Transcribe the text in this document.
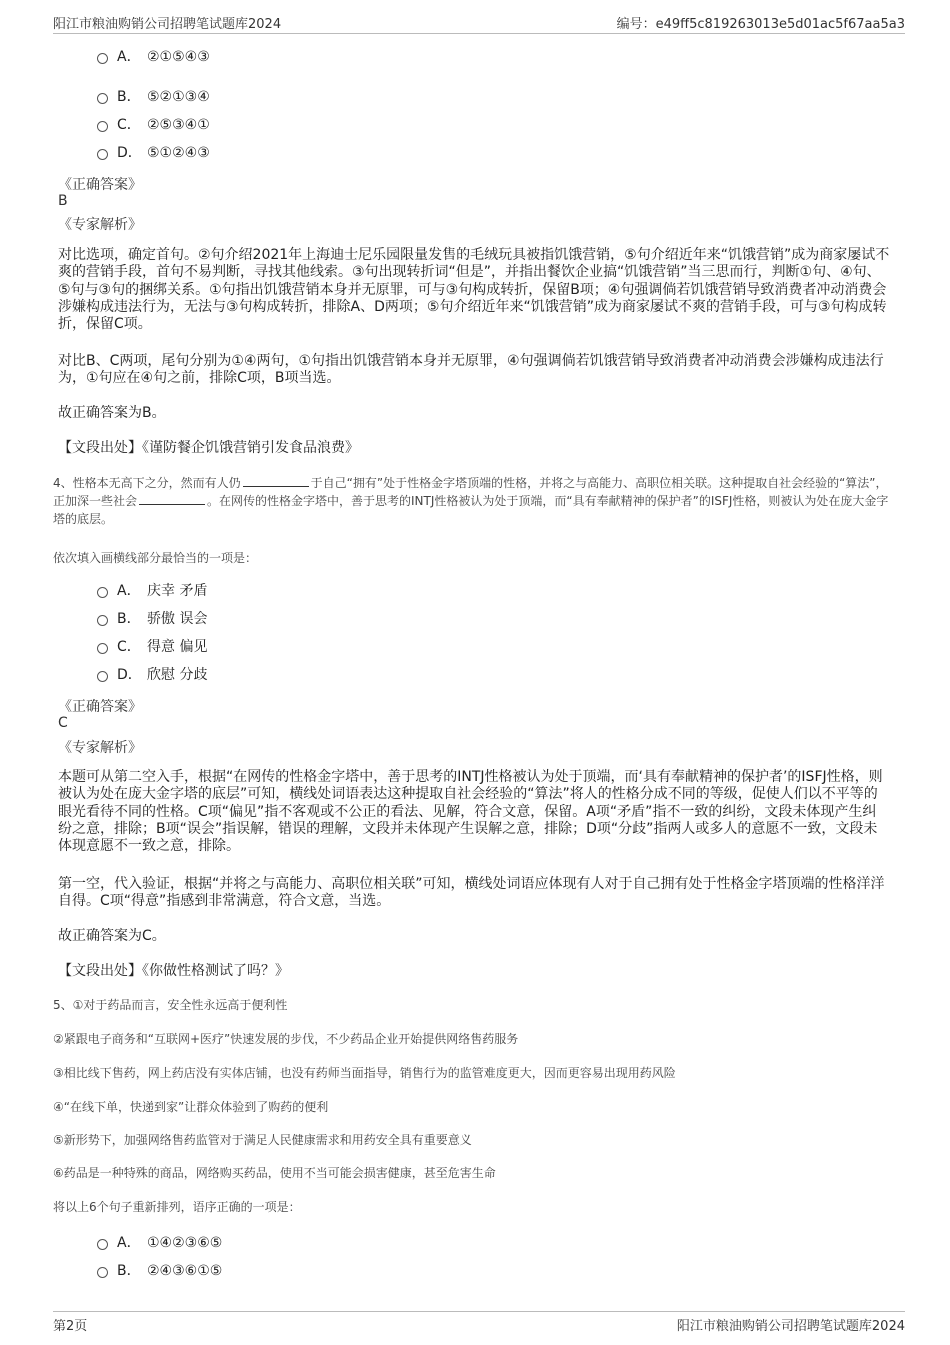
阳江市粮油购销公司招聘笔试题库2024	编号：e49ff5c819263013e5d01ac5f67aa5a3
A． ②①⑤④③
B． ⑤②①③④
C． ②⑤③④①
D． ⑤①②④③
《正确答案》
B
《专家解析》
对比选项，确定首句。②句介绍2021年上海迪士尼乐园限量发售的毛绒玩具被指饥饿营销，⑤句介绍近年来“饥饿营销”成为商家屡试不爽的营销手段，首句不易判断，寻找其他线索。③句出现转折词“但是”，并指出餐饮企业搞“饥饿营销”当三思而行，判断①句、④句、⑤句与③句的捆绑关系。①句指出饥饿营销本身并无原罪，可与③句构成转折，保留B项；④句强调倘若饥饿营销导致消费者冲动消费会涉嫌构成违法行为，无法与③句构成转折，排除A、D两项；⑤句介绍近年来“饥饿营销”成为商家屡试不爽的营销手段，可与③句构成转折，保留C项。
对比B、C两项，尾句分别为①④两句，①句指出饥饿营销本身并无原罪，④句强调倘若饥饿营销导致消费者冲动消费会涉嫌构成违法行为，①句应在④句之前，排除C项，B项当选。
故正确答案为B。
【文段出处】《谨防餐企饥饿营销引发食品浪费》
4、性格本无高下之分，然而有人仍	于自己“拥有”处于性格金字塔顶端的性格，并将之与高能力、高职位相关联。这种提取自社会经验的“算法”，正加深一些社会	。在网传的性格金字塔中，善于思考的INTJ性格被认为处于顶端，而“具有奉献精神的保护者”的ISFJ性格，则被认为处在庞大金字塔的底层。
依次填入画横线部分最恰当的一项是：
A． 庆幸 矛盾
B． 骄傲 误会
C． 得意 偏见
D． 欣慰 分歧
《正确答案》
C
《专家解析》
本题可从第二空入手，根据“在网传的性格金字塔中，善于思考的INTJ性格被认为处于顶端，而‘具有奉献精神的保护者’的ISFJ性格，则被认为处在庞大金字塔的底层”可知，横线处词语表达这种提取自社会经验的“算法”将人的性格分成不同的等级，促使人们以不平等的眼光看待不同的性格。C项“偏见”指不客观或不公正的看法、见解，符合文意，保留。A项“矛盾”指不一致的纠纷，文段未体现产生纠纷之意，排除；B项“误会”指误解，错误的理解，文段并未体现产生误解之意，排除；D项“分歧”指两人或多人的意愿不一致，文段未体现意愿不一致之意，排除。
第一空，代入验证，根据“并将之与高能力、高职位相关联”可知，横线处词语应体现有人对于自己拥有处于性格金字塔顶端的性格洋洋自得。C项“得意”指感到非常满意，符合文意，当选。
故正确答案为C。
【文段出处】《你做性格测试了吗？》
5、①对于药品而言，安全性永远高于便利性
②紧跟电子商务和“互联网+医疗”快速发展的步伐，不少药品企业开始提供网络售药服务
③相比线下售药，网上药店没有实体店铺，也没有药师当面指导，销售行为的监管难度更大，因而更容易出现用药风险
④“在线下单，快递到家”让群众体验到了购药的便利
⑤新形势下，加强网络售药监管对于满足人民健康需求和用药安全具有重要意义
⑥药品是一种特殊的商品，网络购买药品，使用不当可能会损害健康，甚至危害生命
将以上6个句子重新排列，语序正确的一项是：
A． ①④②③⑥⑤
B． ②④③⑥①⑤
第2页	阳江市粮油购销公司招聘笔试题库2024
